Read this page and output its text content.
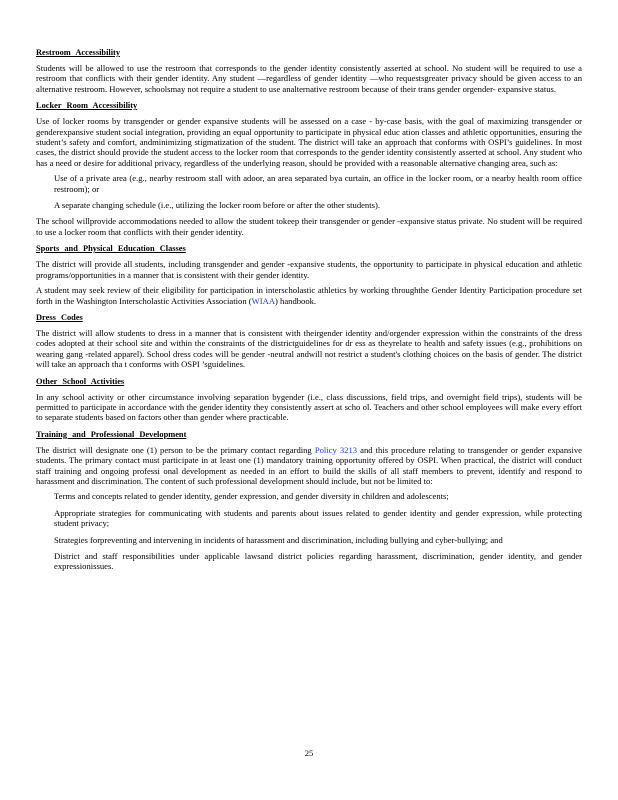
Restroom Accessibility

Students will be allowed to use the restroom that corresponds to the gender identity consistently asserted at school. No student will be required to use a restroom that conflicts with their gender identity. Any student —regardless of gender identity —who requestsgreater privacy should be given access to an alternative restroom. However, schoolsmay not require a student to use analternative restroom because of their trans gender orgender- expansive status.

Locker Room Accessibility

Use of locker rooms by transgender or gender expansive students will be assessed on a case - by-case basis, with the goal of maximizing transgender or genderexpansive student social integration, providing an equal opportunity to participate in physical educ ation classes and athletic opportunities, ensuring the student’s safety and comfort, andminimizing stigmatization of the student. The district will take an approach that conforms with OSPI’s guidelines. In most cases, the district should provide the student access to the locker room that corresponds to the gender identity consistently asserted at school. Any student who has a need or desire for additional privacy, regardless of the underlying reason, should be provided with a reasonable alternative changing area, such as:

Use of a private area (e.g., nearby restroom stall with adoor, an area separated bya curtain, an office in the locker room, or a nearby health room office restroom); or
A separate changing schedule (i.e., utilizing the locker room before or after the other students).

The school willprovide accommodations needed to allow the student tokeep their transgender or gender -expansive status private. No student will be required to use a locker room that conflicts with their gender identity.

Sports and Physical Education Classes

The district will provide all students, including transgender and gender -expansive students, the opportunity to participate in physical education and athletic programs/opportunities in a manner that is consistent with their gender identity.

A student may seek review of their eligibility for participation in interscholastic athletics by working throughthe Gender Identity Participation procedure set forth in the Washington Interscholastic Activities Association (WIAA) handbook.

Dress Codes

The district will allow students to dress in a manner that is consistent with theirgender identity and/orgender expression within the constraints of the dress codes adopted at their school site and within the constraints of the districtguidelines for dr ess as theyrelate to health and safety issues (e.g., prohibitions on wearing gang -related apparel). School dress codes will be gender -neutral andwill not restrict a student's clothing choices on the basis of gender. The district will take an approach tha t conforms with OSPI ’sguidelines.

Other School Activities

In any school activity or other circumstance involving separation bygender (i.e., class discussions, field trips, and overnight field trips), students will be permitted to participate in accordance with the gender identity they consistently assert at scho ol. Teachers and other school employees will make every effort to separate students based on factors other than gender where practicable.

Training and Professional Development

The district will designate one (1) person to be the primary contact regarding Policy 3213 and this procedure relating to transgender or gender expansive students. The primary contact must participate in at least one (1) mandatory training opportunity offered by OSPI. When practical, the district will conduct staff training and ongoing professi onal development as needed in an effort to build the skills of all staff members to prevent, identify and respond to harassment and discrimination. The content of such professional development should include, but not be limited to:

Terms and concepts related to gender identity, gender expression, and gender diversity in children and adolescents;
Appropriate strategies for communicating with students and parents about issues related to gender identity and gender expression, while protecting student privacy;
Strategies forpreventing and intervening in incidents of harassment and discrimination, including bullying and cyber-bullying; and
District and staff responsibilities under applicable lawsand district policies regarding harassment, discrimination, gender identity, and gender expressionissues.
25
